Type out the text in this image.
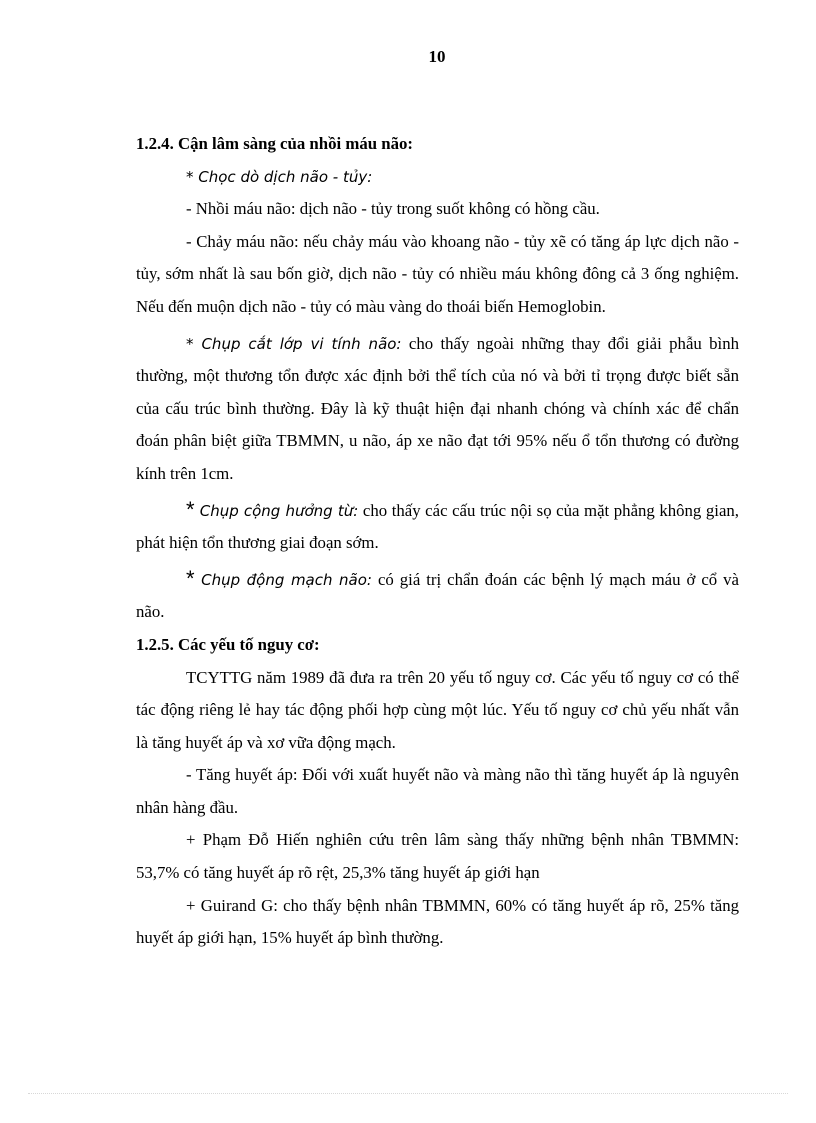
10

1.2.4. Cận lâm sàng của nhồi máu não:

* Chọc dò dịch não - tủy:

- Nhồi máu não: dịch não - tủy trong suốt không có hồng cầu.

- Chảy máu não: nếu chảy máu vào khoang não - tủy xẽ có tăng áp lực dịch não - tủy, sớm nhất là sau bốn giờ, dịch não - tủy có nhiều máu không đông cả 3 ống nghiệm. Nếu đến muộn dịch não - tủy có màu vàng do thoái biến Hemoglobin.

* Chụp cắt lớp vi tính não: cho thấy ngoài những thay đổi giải phẫu bình thường, một thương tổn được xác định bởi thể tích của nó và bởi tỉ trọng được biết sẵn của cấu trúc bình thường. Đây là kỹ thuật hiện đại nhanh chóng và chính xác để chẩn đoán phân biệt giữa TBMMN, u não, áp xe não đạt tới 95% nếu ổ tổn thương có đường kính trên 1cm.

* Chụp cộng hưởng từ: cho thấy các cấu trúc nội sọ của mặt phẳng không gian, phát hiện tổn thương giai đoạn sớm.

* Chụp động mạch não: có giá trị chẩn đoán các bệnh lý mạch máu ở cổ và não.

1.2.5. Các yếu tố nguy cơ:

TCYTTG năm 1989 đã đưa ra trên 20 yếu tố nguy cơ. Các yếu tố nguy cơ có thể tác động riêng lẻ hay tác động phối hợp cùng một lúc. Yếu tố nguy cơ chủ yếu nhất vẫn là tăng huyết áp và xơ vữa động mạch.

- Tăng huyết áp: Đối với xuất huyết não và màng não thì tăng huyết áp là nguyên nhân hàng đầu.

+ Phạm Đỗ Hiến nghiên cứu trên lâm sàng thấy những bệnh nhân TBMMN: 53,7% có tăng huyết áp rõ rệt, 25,3% tăng huyết áp giới hạn

+ Guirand G: cho thấy bệnh nhân TBMMN, 60% có tăng huyết áp rõ, 25% tăng huyết áp giới hạn, 15% huyết áp bình thường.
